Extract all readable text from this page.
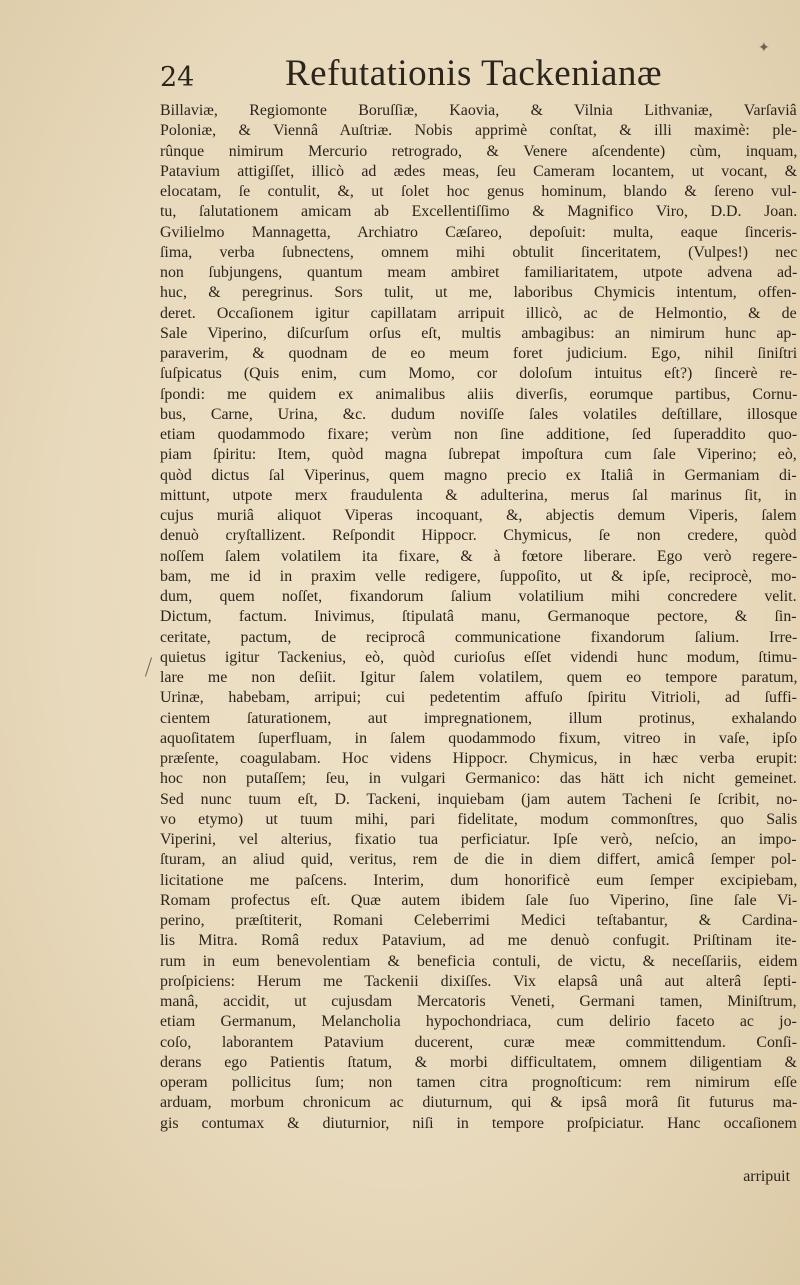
24 Refutationis Tackenianæ
✦
Billaviæ, Regiomonte Boruſſiæ, Kaovia, & Vilnia Lithvaniæ, Varſaviâ
Poloniæ, & Viennâ Auſtriæ. Nobis apprimè conſtat, & illi maximè: ple-
rûnque nimirum Mercurio retrogrado, & Venere aſcendente) cùm, inquam,
Patavium attigiſſet, illicò ad ædes meas, ſeu Cameram locantem, ut vocant, &
elocatam, ſe contulit, &, ut ſolet hoc genus hominum, blando & ſereno vul-
tu, ſalutationem amicam ab Excellentiſſimo & Magnifico Viro, D.D. Joan.
Gvilielmo Mannagetta, Archiatro Cæſareo, depoſuit: multa, eaque ſinceris-
ſima, verba ſubnectens, omnem mihi obtulit ſinceritatem, (Vulpes!) nec
non ſubjungens, quantum meam ambiret familiaritatem, utpote advena ad-
huc, & peregrinus. Sors tulit, ut me, laboribus Chymicis intentum, offen-
deret. Occaſionem igitur capillatam arripuit illicò, ac de Helmontio, & de
Sale Viperino, diſcurſum orſus eſt, multis ambagibus: an nimirum hunc ap-
paraverim, & quodnam de eo meum foret judicium. Ego, nihil ſiniſtri
ſuſpicatus (Quis enim, cum Momo, cor doloſum intuitus eſt?) ſincerè re-
ſpondi: me quidem ex animalibus aliis diverſis, eorumque partibus, Cornu-
bus, Carne, Urina, &c. dudum noviſſe ſales volatiles deſtillare, illosque
etiam quodammodo fixare; verùm non ſine additione, ſed ſuperaddito quo-
piam ſpiritu: Item, quòd magna ſubrepat impoſtura cum ſale Viperino; eò,
quòd dictus ſal Viperinus, quem magno precio ex Italiâ in Germaniam di-
mittunt, utpote merx fraudulenta & adulterina, merus ſal marinus ſit, in
cujus muriâ aliquot Viperas incoquant, &, abjectis demum Viperis, ſalem
denuò cryſtallizent. Reſpondit Hippocr. Chymicus, ſe non credere, quòd
noſſem ſalem volatilem ita fixare, & à fœtore liberare. Ego verò regere-
bam, me id in praxim velle redigere, ſuppoſito, ut & ipſe, reciprocè, mo-
dum, quem noſſet, fixandorum ſalium volatilium mihi concredere velit.
Dictum, factum. Inivimus, ſtipulatâ manu, Germanoque pectore, & ſin-
ceritate, pactum, de reciprocâ communicatione fixandorum ſalium. Irre-
quietus igitur Tackenius, eò, quòd curioſus eſſet videndi hunc modum, ſtimu-
lare me non deſiit. Igitur ſalem volatilem, quem eo tempore paratum,
Urinæ, habebam, arripui; cui pedetentim affuſo ſpiritu Vitrioli, ad ſuffi-
cientem ſaturationem, aut impregnationem, illum protinus, exhalando
aquoſitatem ſuperfluam, in ſalem quodammodo fixum, vitreo in vaſe, ipſo
præſente, coagulabam. Hoc videns Hippocr. Chymicus, in hæc verba erupit:
hoc non putaſſem; ſeu, in vulgari Germanico: das hätt ich nicht gemeinet.
Sed nunc tuum eſt, D. Tackeni, inquiebam (jam autem Tacheni ſe ſcribit, no-
vo etymo) ut tuum mihi, pari fidelitate, modum commonſtres, quo Salis
Viperini, vel alterius, fixatio tua perficiatur. Ipſe verò, neſcio, an impo-
ſturam, an aliud quid, veritus, rem de die in diem differt, amicâ ſemper pol-
licitatione me paſcens. Interim, dum honorificè eum ſemper excipiebam,
Romam profectus eſt. Quæ autem ibidem ſale ſuo Viperino, ſine ſale Vi-
perino, præſtiterit, Romani Celeberrimi Medici teſtabantur, & Cardina-
lis Mitra. Româ redux Patavium, ad me denuò confugit. Priſtinam ite-
rum in eum benevolentiam & beneficia contuli, de victu, & neceſſariis, eidem
proſpiciens: Herum me Tackenii dixiſſes. Vix elapsâ unâ aut alterâ ſepti-
manâ, accidit, ut cujusdam Mercatoris Veneti, Germani tamen, Miniſtrum,
etiam Germanum, Melancholia hypochondriaca, cum delirio faceto ac jo-
coſo, laborantem Patavium ducerent, curæ meæ committendum. Conſi-
derans ego Patientis ſtatum, & morbi difficultatem, omnem diligentiam &
operam pollicitus ſum; non tamen citra prognoſticum: rem nimirum eſſe
arduam, morbum chronicum ac diuturnum, qui & ipsâ morâ ſit futurus ma-
gis contumax & diuturnior, niſi in tempore proſpiciatur. Hanc occaſionem
arripuit
